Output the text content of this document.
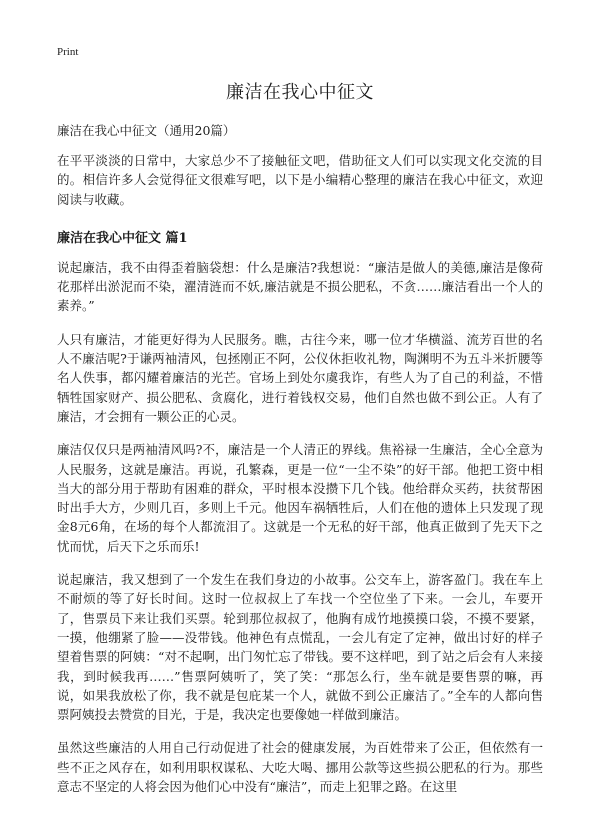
Print
廉洁在我心中征文

廉洁在我心中征文（通用20篇）

在平平淡淡的日常中，大家总少不了接触征文吧，借助征文人们可以实现文化交流的目的。相信许多人会觉得征文很难写吧，以下是小编精心整理的廉洁在我心中征文，欢迎阅读与收藏。

廉洁在我心中征文 篇1

说起廉洁，我不由得歪着脑袋想：什么是廉洁?我想说：“廉洁是做人的美德,廉洁是像荷花那样出淤泥而不染，濯清涟而不妖,廉洁就是不损公肥私，不贪……廉洁看出一个人的素养。”

人只有廉洁，才能更好得为人民服务。瞧，古往今来，哪一位才华横溢、流芳百世的名人不廉洁呢?于谦两袖清风，包拯刚正不阿，公仪休拒收礼物，陶渊明不为五斗米折腰等名人佚事，都闪耀着廉洁的光芒。官场上到处尔虞我诈，有些人为了自己的利益，不惜牺牲国家财产、损公肥私、贪腐化，进行着钱权交易，他们自然也做不到公正。人有了廉洁，才会拥有一颗公正的心灵。

廉洁仅仅只是两袖清风吗?不，廉洁是一个人清正的界线。焦裕禄一生廉洁，全心全意为人民服务，这就是廉洁。再说，孔繁森，更是一位“一尘不染”的好干部。他把工资中相当大的部分用于帮助有困难的群众，平时根本没攒下几个钱。他给群众买药，扶贫帮困时出手大方，少则几百，多则上千元。他因车祸牺牲后，人们在他的遗体上只发现了现金8元6角，在场的每个人都流泪了。这就是一个无私的好干部，他真正做到了先天下之忧而忧，后天下之乐而乐!

说起廉洁，我又想到了一个发生在我们身边的小故事。公交车上，游客盈门。我在车上不耐烦的等了好长时间。这时一位叔叔上了车找一个空位坐了下来。一会儿，车要开了，售票员下来让我们买票。轮到那位叔叔了，他胸有成竹地摸摸口袋，不摸不要紧，一摸，他绷紧了脸——没带钱。他神色有点慌乱，一会儿有定了定神，做出讨好的样子望着售票的阿姨：“对不起啊，出门匆忙忘了带钱。要不这样吧，到了站之后会有人来接我，到时候我再……”售票阿姨听了，笑了笑：“那怎么行，坐车就是要售票的嘛，再说，如果我放松了你，我不就是包庇某一个人，就做不到公正廉洁了。”全车的人都向售票阿姨投去赞赏的目光，于是，我决定也要像她一样做到廉洁。

虽然这些廉洁的人用自己行动促进了社会的健康发展，为百姓带来了公正，但依然有一些不正之风存在，如利用职权谋私、大吃大喝、挪用公款等这些损公肥私的行为。那些意志不坚定的人将会因为他们心中没有“廉洁”，而走上犯罪之路。在这里
